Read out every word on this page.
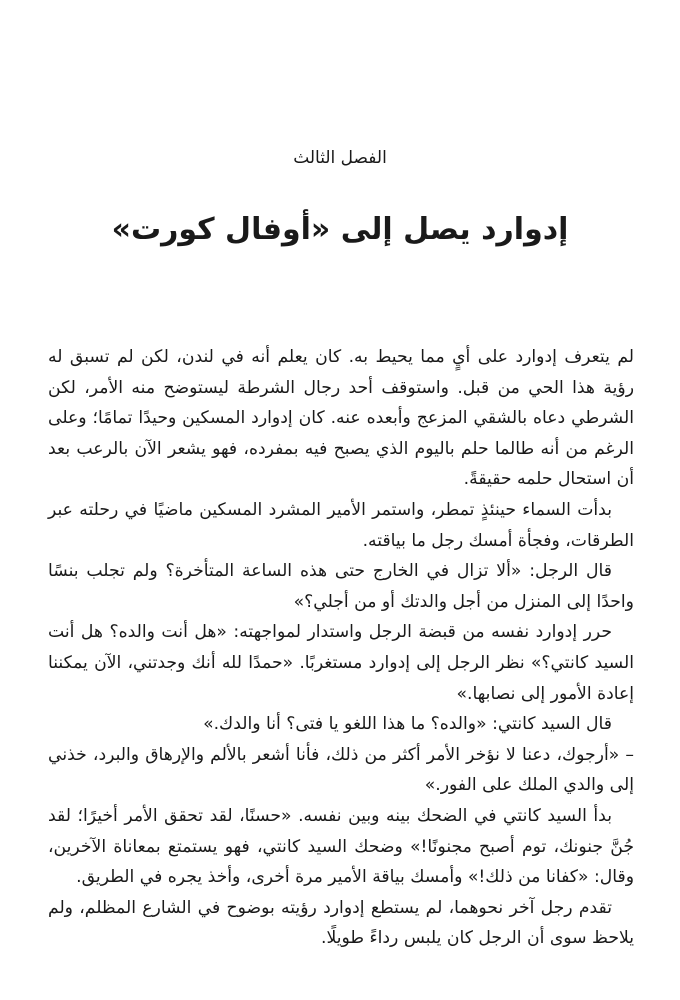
الفصل الثالث
إدوارد يصل إلى «أوفال كورت»

لم يتعرف إدوارد على أيٍ مما يحيط به. كان يعلم أنه في لندن، لكن لم تسبق له رؤية هذا الحي من قبل. واستوقف أحد رجال الشرطة ليستوضح منه الأمر، لكن الشرطي دعاه بالشقي المزعج وأبعده عنه. كان إدوارد المسكين وحيدًا تمامًا؛ وعلى الرغم من أنه طالما حلم باليوم الذي يصبح فيه بمفرده، فهو يشعر الآن بالرعب بعد أن استحال حلمه حقيقةً.

بدأت السماء حينئذٍ تمطر، واستمر الأمير المشرد المسكين ماضيًا في رحلته عبر الطرقات، وفجأة أمسك رجل ما بياقته.

قال الرجل: «ألا تزال في الخارج حتى هذه الساعة المتأخرة؟ ولم تجلب بنسًا واحدًا إلى المنزل من أجل والدتك أو من أجلي؟»

حرر إدوارد نفسه من قبضة الرجل واستدار لمواجهته: «هل أنت والده؟ هل أنت السيد كانتي؟» نظر الرجل إلى إدوارد مستغربًا. «حمدًا لله أنك وجدتني، الآن يمكننا إعادة الأمور إلى نصابها.»

قال السيد كانتي: «والده؟ ما هذا اللغو يا فتى؟ أنا والدك.»

– «أرجوك، دعنا لا نؤخر الأمر أكثر من ذلك، فأنا أشعر بالألم والإرهاق والبرد، خذني إلى والدي الملك على الفور.»

بدأ السيد كانتي في الضحك بينه وبين نفسه. «حسنًا، لقد تحقق الأمر أخيرًا؛ لقد جُنَّ جنونك، توم أصبح مجنونًا!» وضحك السيد كانتي، فهو يستمتع بمعاناة الآخرين، وقال: «كفانا من ذلك!» وأمسك بياقة الأمير مرة أخرى، وأخذ يجره في الطريق.

تقدم رجل آخر نحوهما، لم يستطع إدوارد رؤيته بوضوح في الشارع المظلم، ولم يلاحظ سوى أن الرجل كان يلبس رداءً طويلًا.
